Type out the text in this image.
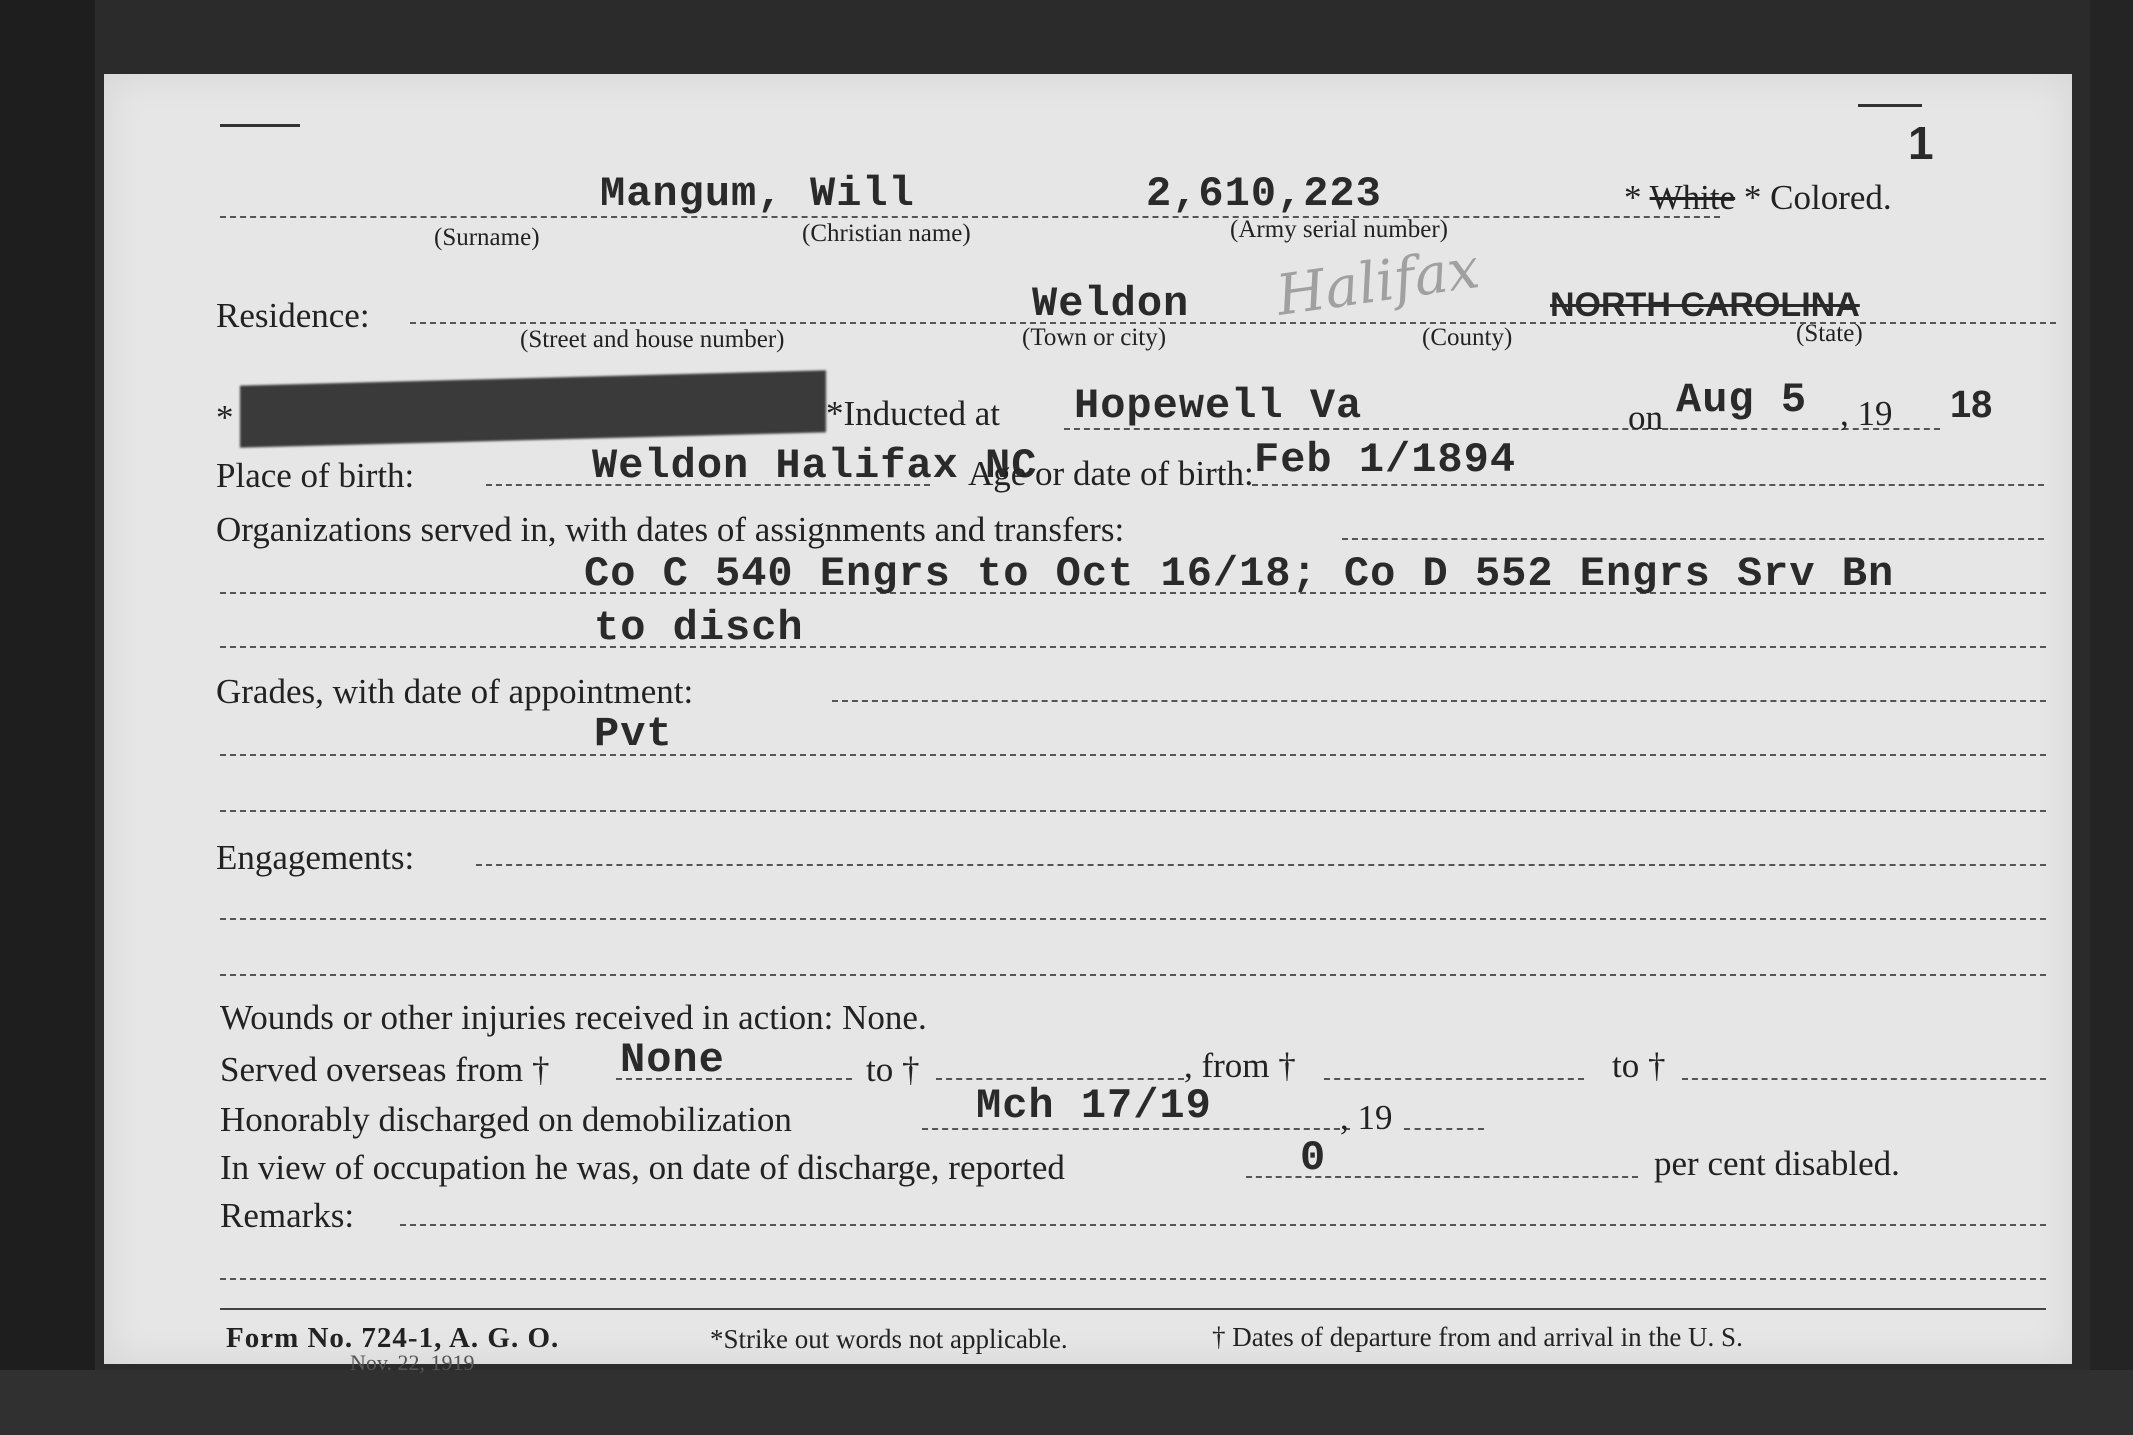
1
Mangum, Will	2,610,223
(Surname)	(Christian name)	(Army serial number)
* White * Colored.
Residence:	Weldon Halifax NORTH CAROLINA
(Street and house number)	(Town or city)	(County)	(State)
*	*Inducted at Hopewell Va	on Aug 5 , 19 18
Place of birth:	Weldon Halifax NC
Age or date of birth: Feb 1/1894
Organizations served in, with dates of assignments and transfers:
Co C 540 Engrs to Oct 16/18; Co D 552 Engrs Srv Bn
to disch
Grades, with date of appointment:
Pvt
Engagements:
Wounds or other injuries received in action: None.
Served overseas from † None	to †	, from †	to †
Honorably discharged on demobilization	Mch 17/19	, 19
In view of occupation he was, on date of discharge, reported	0	per cent disabled.
Remarks:
Form No. 724-1, A. G. O.
Nov. 22, 1919
*Strike out words not applicable.	† Dates of departure from and arrival in the U. S.
